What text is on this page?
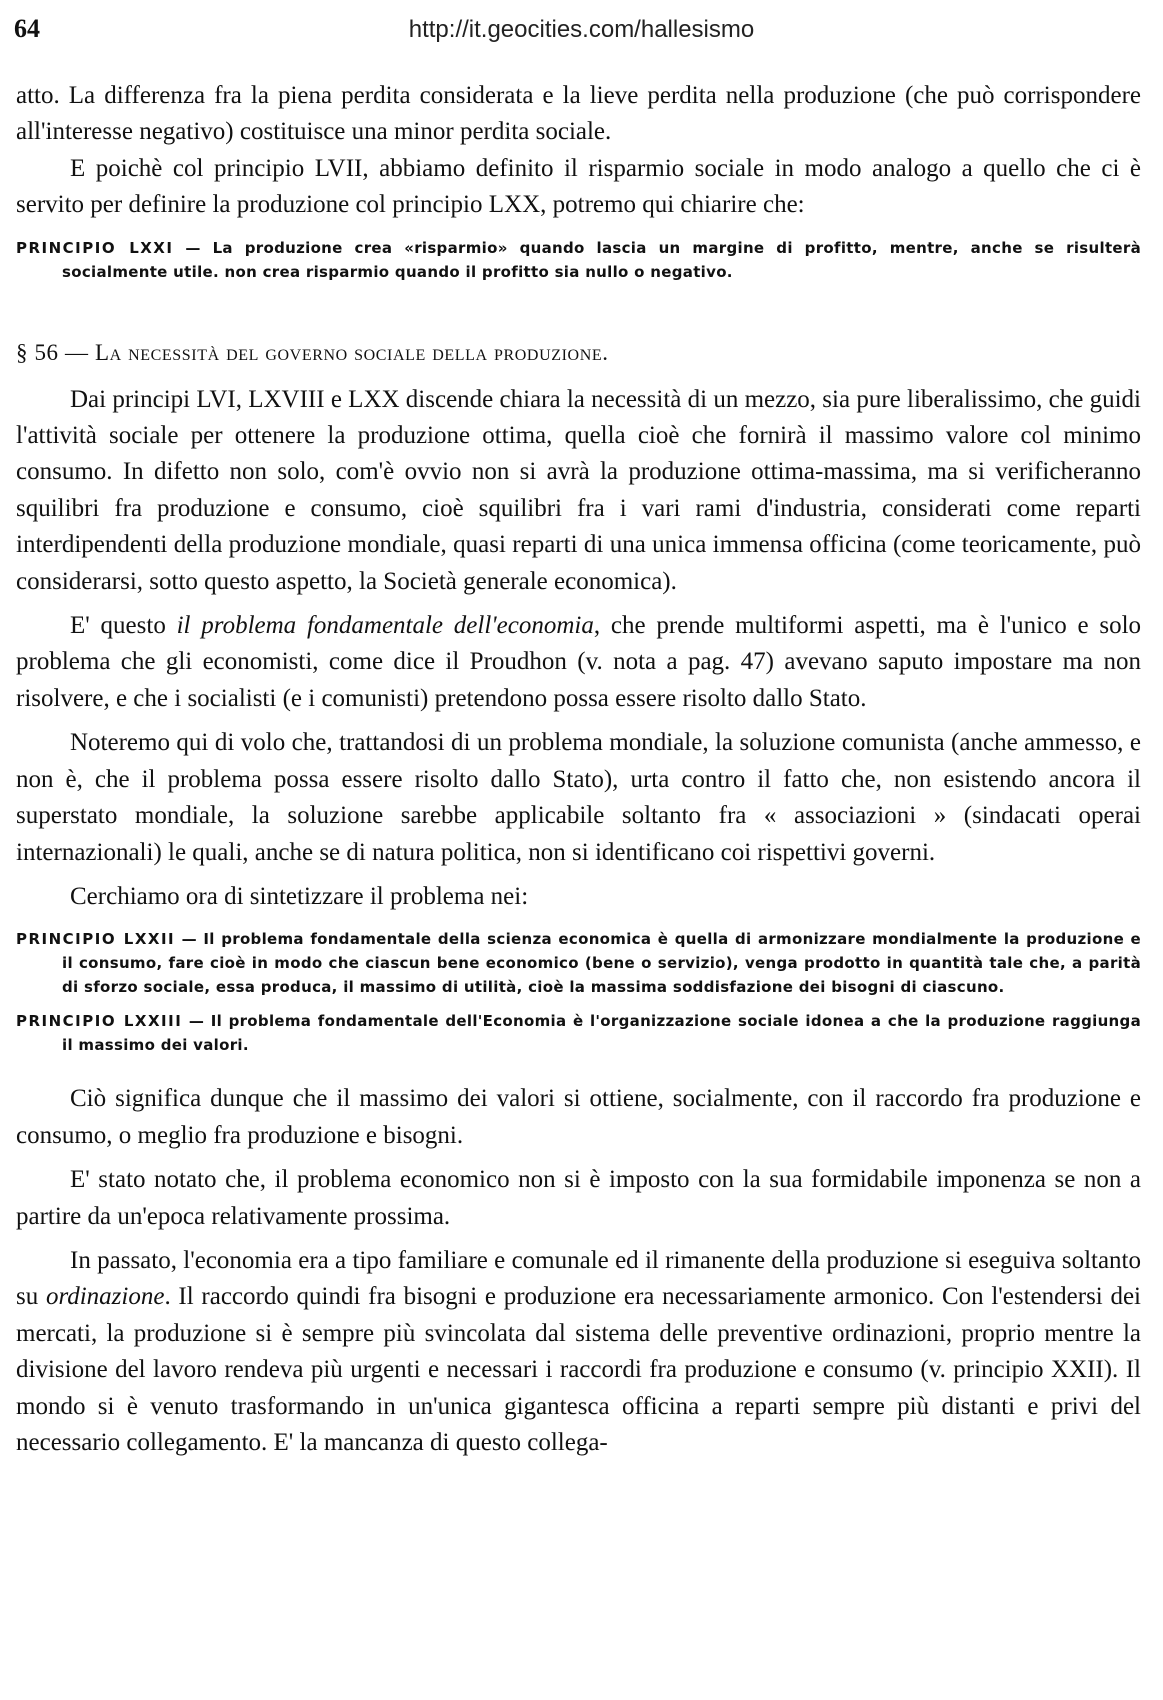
64	http://it.geocities.com/hallesismo

atto. La differenza fra la piena perdita considerata e la lieve perdita nella produzione (che può corrispondere all'interesse negativo) costituisce una minor perdita sociale.

E poichè col principio LVII, abbiamo definito il risparmio sociale in modo analogo a quello che ci è servito per definire la produzione col principio LXX, potremo qui chiarire che:

PRINCIPIO LXXI — La produzione crea «risparmio» quando lascia un margine di profitto, mentre, anche se risulterà socialmente utile. non crea risparmio quando il profitto sia nullo o negativo.

§ 56 — La necessità del governo sociale della produzione.

Dai principi LVI, LXVIII e LXX discende chiara la necessità di un mezzo, sia pure liberalissimo, che guidi l'attività sociale per ottenere la produzione ottima, quella cioè che fornirà il massimo valore col minimo consumo. In difetto non solo, com'è ovvio non si avrà la produzione ottima-massima, ma si verificheranno squilibri fra produzione e consumo, cioè squilibri fra i vari rami d'industria, considerati come reparti interdipendenti della produzione mondiale, quasi reparti di una unica immensa officina (come teoricamente, può considerarsi, sotto questo aspetto, la Società generale economica).

E' questo il problema fondamentale dell'economia, che prende multiformi aspetti, ma è l'unico e solo problema che gli economisti, come dice il Proudhon (v. nota a pag. 47) avevano saputo impostare ma non risolvere, e che i socialisti (e i comunisti) pretendono possa essere risolto dallo Stato.

Noteremo qui di volo che, trattandosi di un problema mondiale, la soluzione comunista (anche ammesso, e non è, che il problema possa essere risolto dallo Stato), urta contro il fatto che, non esistendo ancora il superstato mondiale, la soluzione sarebbe applicabile soltanto fra « associazioni » (sindacati operai internazionali) le quali, anche se di natura politica, non si identificano coi rispettivi governi.

Cerchiamo ora di sintetizzare il problema nei:

PRINCIPIO LXXII — Il problema fondamentale della scienza economica è quella di armonizzare mondialmente la produzione e il consumo, fare cioè in modo che ciascun bene economico (bene o servizio), venga prodotto in quantità tale che, a parità di sforzo sociale, essa produca, il massimo di utilità, cioè la massima soddisfazione dei bisogni di ciascuno.

PRINCIPIO LXXIII — Il problema fondamentale dell'Economia è l'organizzazione sociale idonea a che la produzione raggiunga il massimo dei valori.

Ciò significa dunque che il massimo dei valori si ottiene, socialmente, con il raccordo fra produzione e consumo, o meglio fra produzione e bisogni.

E' stato notato che, il problema economico non si è imposto con la sua formidabile imponenza se non a partire da un'epoca relativamente prossima.

In passato, l'economia era a tipo familiare e comunale ed il rimanente della produzione si eseguiva soltanto su ordinazione. Il raccordo quindi fra bisogni e produzione era necessariamente armonico. Con l'estendersi dei mercati, la produzione si è sempre più svincolata dal sistema delle preventive ordinazioni, proprio mentre la divisione del lavoro rendeva più urgenti e necessari i raccordi fra produzione e consumo (v. principio XXII). Il mondo si è venuto trasformando in un'unica gigantesca officina a reparti sempre più distanti e privi del necessario collegamento. E' la mancanza di questo collega-
